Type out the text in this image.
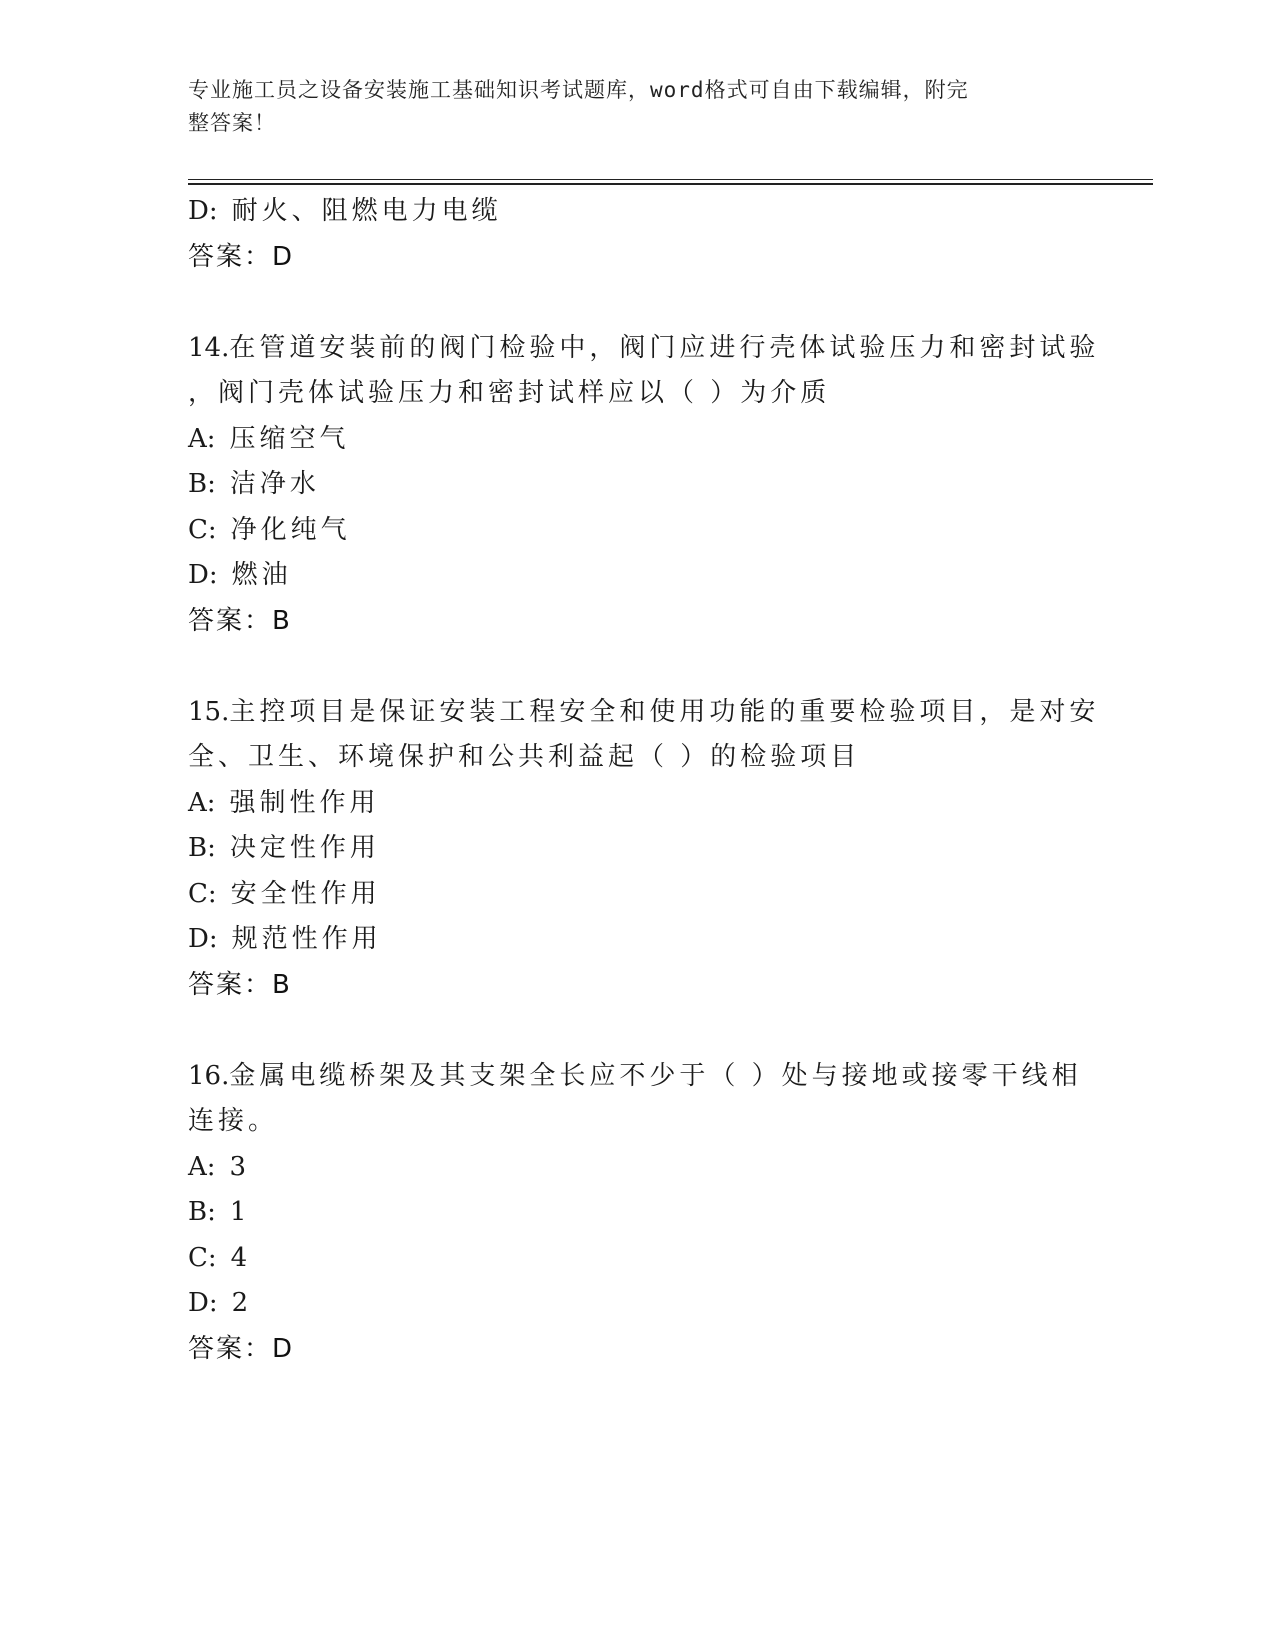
专业施工员之设备安装施工基础知识考试题库，word格式可自由下载编辑，附完
整答案！
D: 耐火、阻燃电力电缆
答案：D
14.在管道安装前的阀门检验中，阀门应进行壳体试验压力和密封试验
，阀门壳体试验压力和密封试样应以（ ）为介质
A: 压缩空气
B: 洁净水
C: 净化纯气
D: 燃油
答案：B
15.主控项目是保证安装工程安全和使用功能的重要检验项目，是对安
全、卫生、环境保护和公共利益起（ ）的检验项目
A: 强制性作用
B: 决定性作用
C: 安全性作用
D: 规范性作用
答案：B
16.金属电缆桥架及其支架全长应不少于（ ）处与接地或接零干线相
连接。
A: 3
B: 1
C: 4
D: 2
答案：D
